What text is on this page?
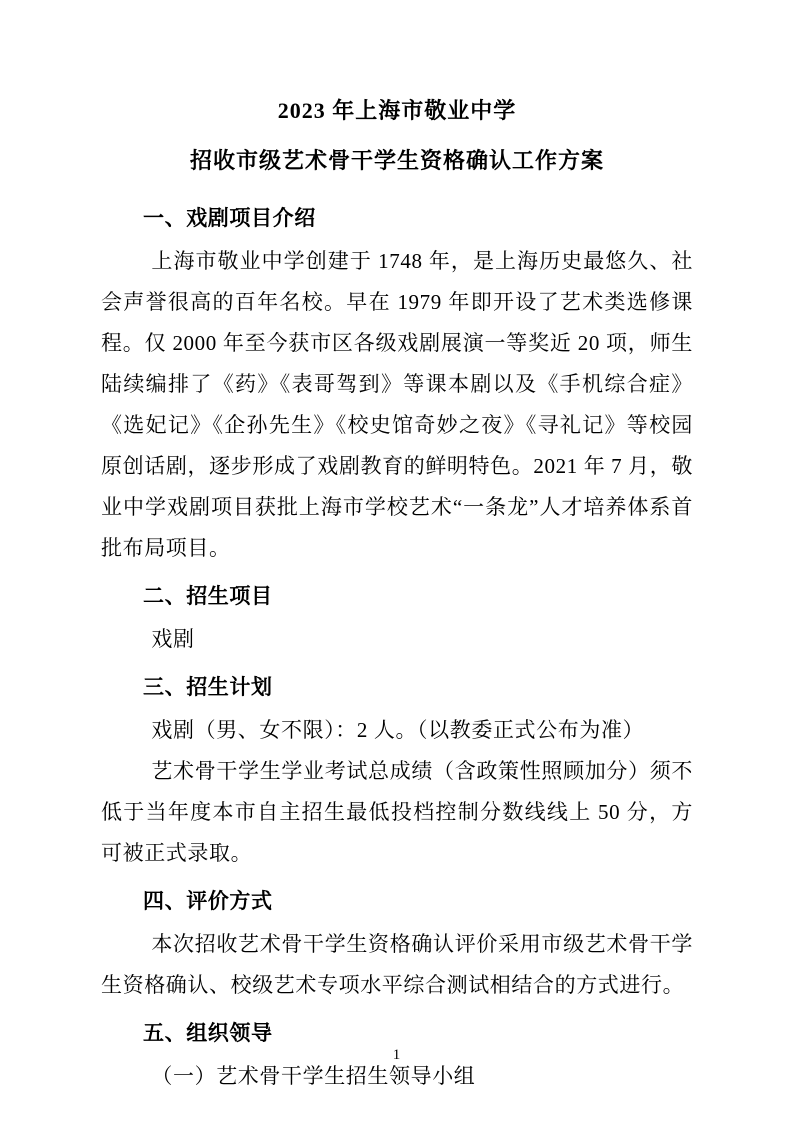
2023 年上海市敬业中学
招收市级艺术骨干学生资格确认工作方案
一、戏剧项目介绍
上海市敬业中学创建于 1748 年，是上海历史最悠久、社会声誉很高的百年名校。早在 1979 年即开设了艺术类选修课程。仅 2000 年至今获市区各级戏剧展演一等奖近 20 项，师生陆续编排了《药》《表哥驾到》等课本剧以及《手机综合症》《选妃记》《企孙先生》《校史馆奇妙之夜》《寻礼记》等校园原创话剧，逐步形成了戏剧教育的鲜明特色。2021 年 7 月，敬业中学戏剧项目获批上海市学校艺术“一条龙”人才培养体系首批布局项目。
二、招生项目
戏剧
三、招生计划
戏剧（男、女不限）：2 人。（以教委正式公布为准）
艺术骨干学生学业考试总成绩（含政策性照顾加分）须不低于当年度本市自主招生最低投档控制分数线线上 50 分，方可被正式录取。
四、评价方式
本次招收艺术骨干学生资格确认评价采用市级艺术骨干学生资格确认、校级艺术专项水平综合测试相结合的方式进行。
五、组织领导
（一）艺术骨干学生招生领导小组
1
